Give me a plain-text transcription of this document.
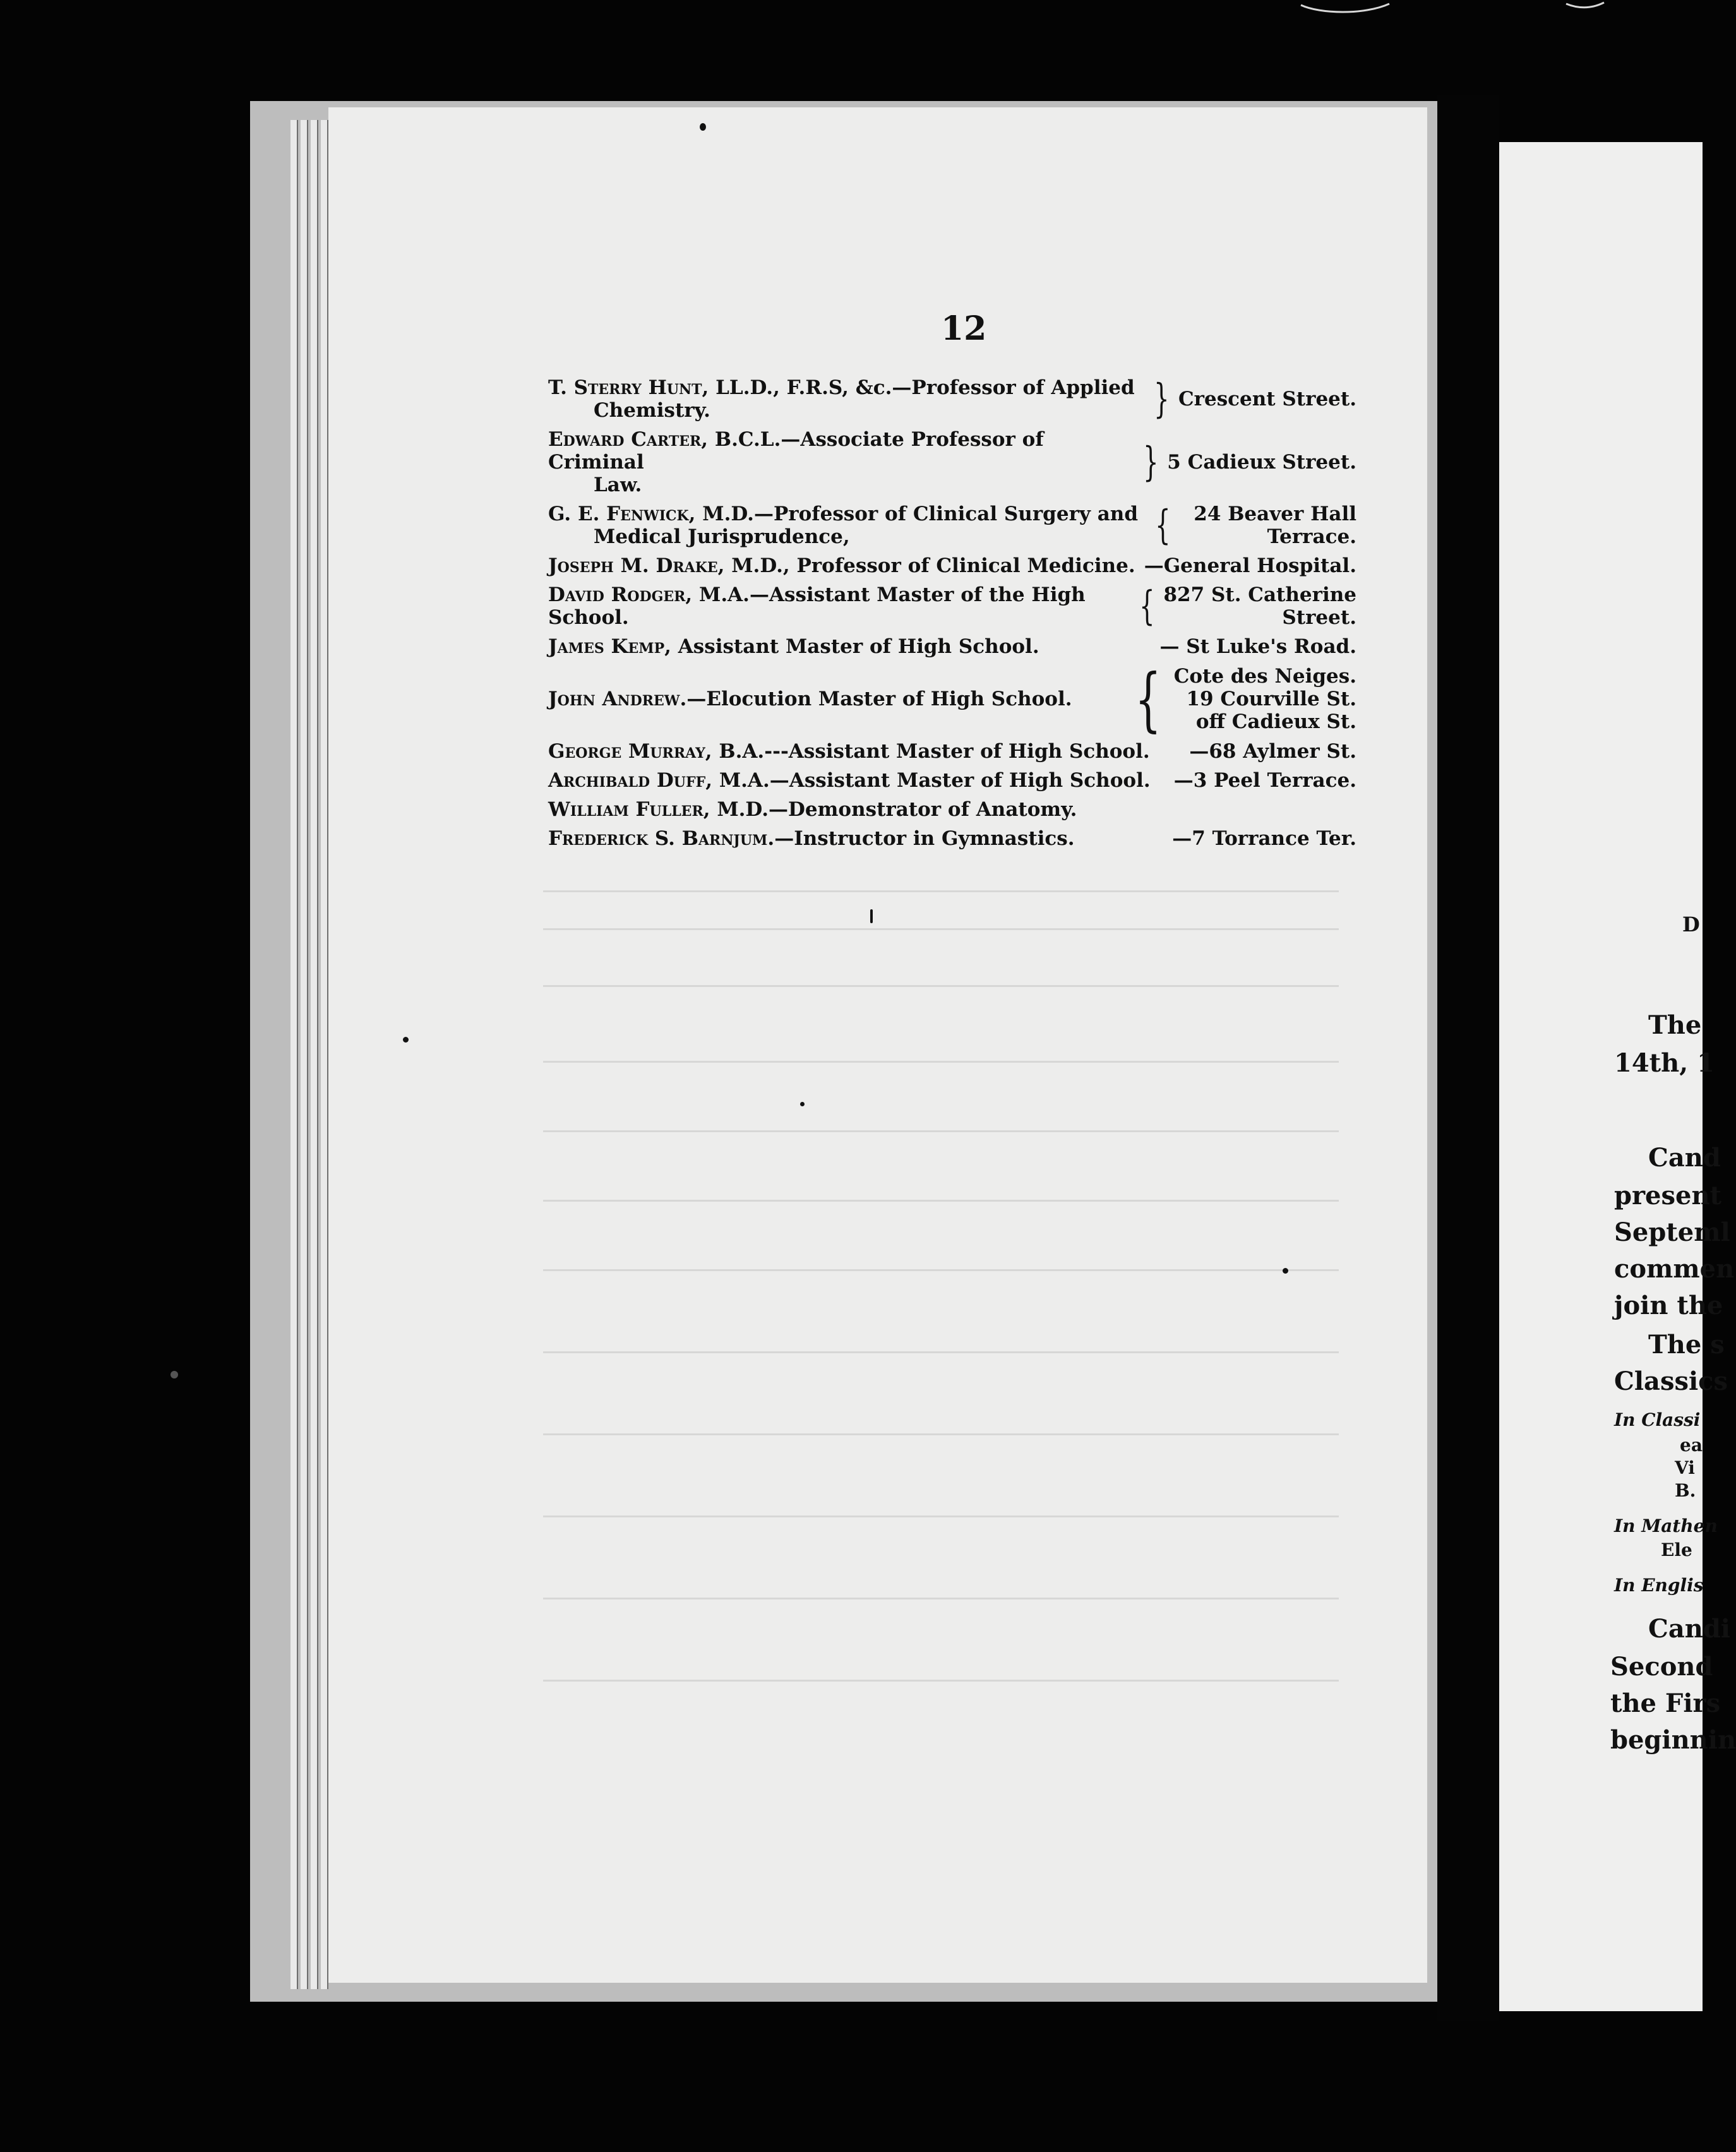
12
T. Sterry Hunt, LL.D., F.R.S, &c.—Professor of Applied
Chemistry.	} Crescent Street.
Edward Carter, B.C.L.—Associate Professor of Criminal
Law.	} 5 Cadieux Street.
G. E. Fenwick, M.D.—Professor of Clinical Surgery and
Medical Jurisprudence,	{	24 Beaver Hall
Terrace.
Joseph M. Drake, M.D., Professor of Clinical Medicine. —General Hospital.
David Rodger, M.A.—Assistant Master of the High School.	{ 827 St. Catherine
Street.
James Kemp, Assistant Master of High School.	— St Luke's Road.
John Andrew.—Elocution Master of High School. { Cote des Neiges.
19 Courville St.
off Cadieux St.
George Murray, B.A.---Assistant Master of High School.	—68 Aylmer St.
Archibald Duff, M.A.—Assistant Master of High School.	—3 Peel Terrace.
William Fuller, M.D.—Demonstrator of Anatomy.
Frederick S. Barnjum.—Instructor in Gymnastics.	—7 Torrance Ter.
D
The
14th, 1
Cand
present
Septeml
commen
join the
The s
Classics
In Classi
ea
Vi
B.
In Mathen
Ele
In Englis
Candi
Second
the Firs
beginnin
